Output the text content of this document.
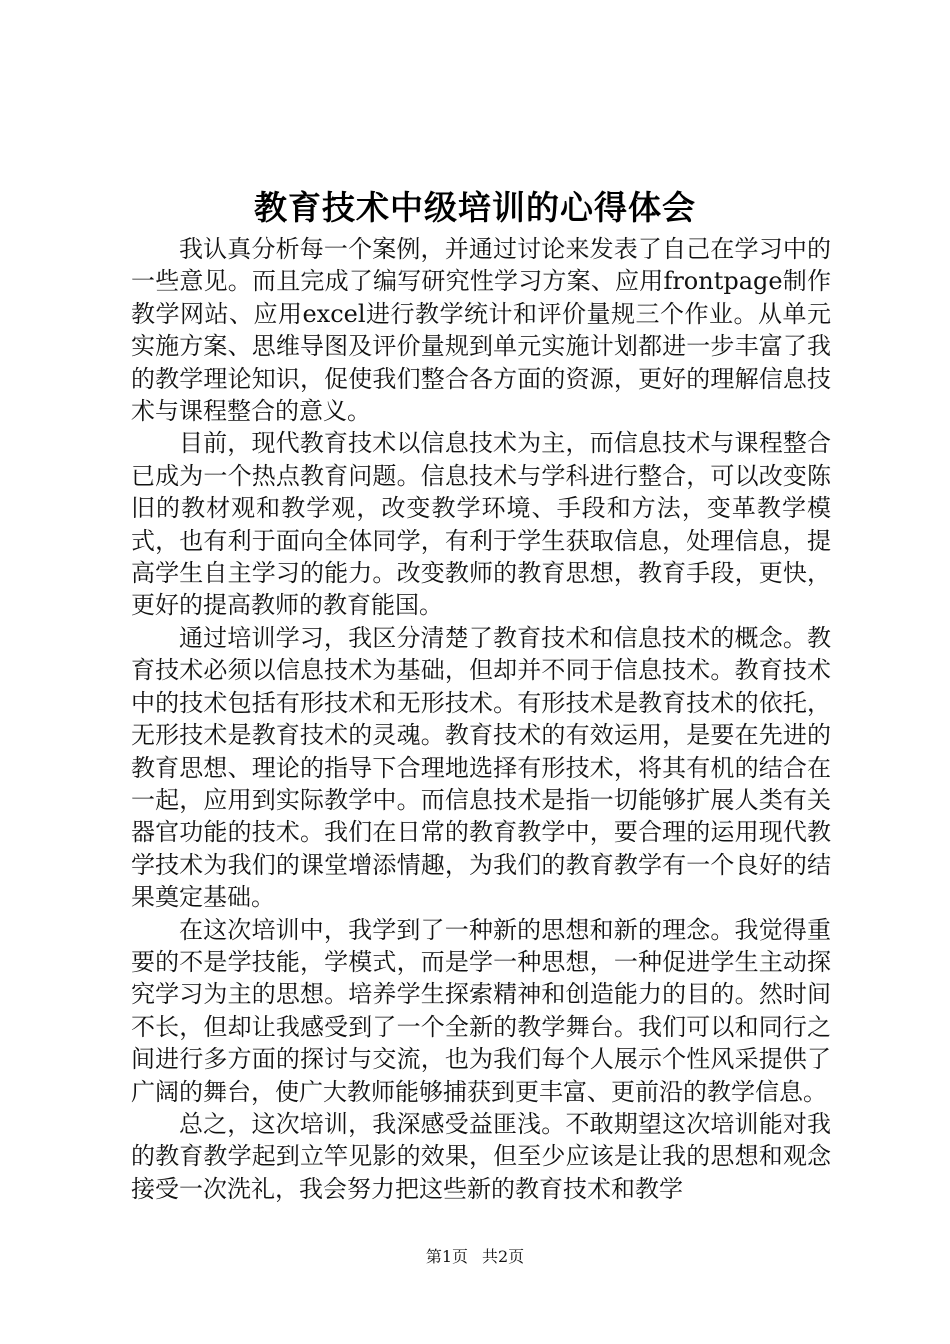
教育技术中级培训的心得体会

我认真分析每一个案例，并通过讨论来发表了自己在学习中的一些意见。而且完成了编写研究性学习方案、应用frontpage制作教学网站、应用excel进行教学统计和评价量规三个作业。从单元实施方案、思维导图及评价量规到单元实施计划都进一步丰富了我的教学理论知识，促使我们整合各方面的资源，更好的理解信息技术与课程整合的意义。

目前，现代教育技术以信息技术为主，而信息技术与课程整合已成为一个热点教育问题。信息技术与学科进行整合，可以改变陈旧的教材观和教学观，改变教学环境、手段和方法，变革教学模式，也有利于面向全体同学，有利于学生获取信息，处理信息，提高学生自主学习的能力。改变教师的教育思想，教育手段，更快，更好的提高教师的教育能国。

通过培训学习，我区分清楚了教育技术和信息技术的概念。教育技术必须以信息技术为基础，但却并不同于信息技术。教育技术中的技术包括有形技术和无形技术。有形技术是教育技术的依托，无形技术是教育技术的灵魂。教育技术的有效运用，是要在先进的教育思想、理论的指导下合理地选择有形技术，将其有机的结合在一起，应用到实际教学中。而信息技术是指一切能够扩展人类有关器官功能的技术。我们在日常的教育教学中，要合理的运用现代教学技术为我们的课堂增添情趣，为我们的教育教学有一个良好的结果奠定基础。

在这次培训中，我学到了一种新的思想和新的理念。我觉得重要的不是学技能，学模式，而是学一种思想，一种促进学生主动探究学习为主的思想。培养学生探索精神和创造能力的目的。然时间不长，但却让我感受到了一个全新的教学舞台。我们可以和同行之间进行多方面的探讨与交流，也为我们每个人展示个性风采提供了广阔的舞台，使广大教师能够捕获到更丰富、更前沿的教学信息。

总之，这次培训，我深感受益匪浅。不敢期望这次培训能对我的教育教学起到立竿见影的效果，但至少应该是让我的思想和观念接受一次洗礼，我会努力把这些新的教育技术和教学

第1页 共2页
